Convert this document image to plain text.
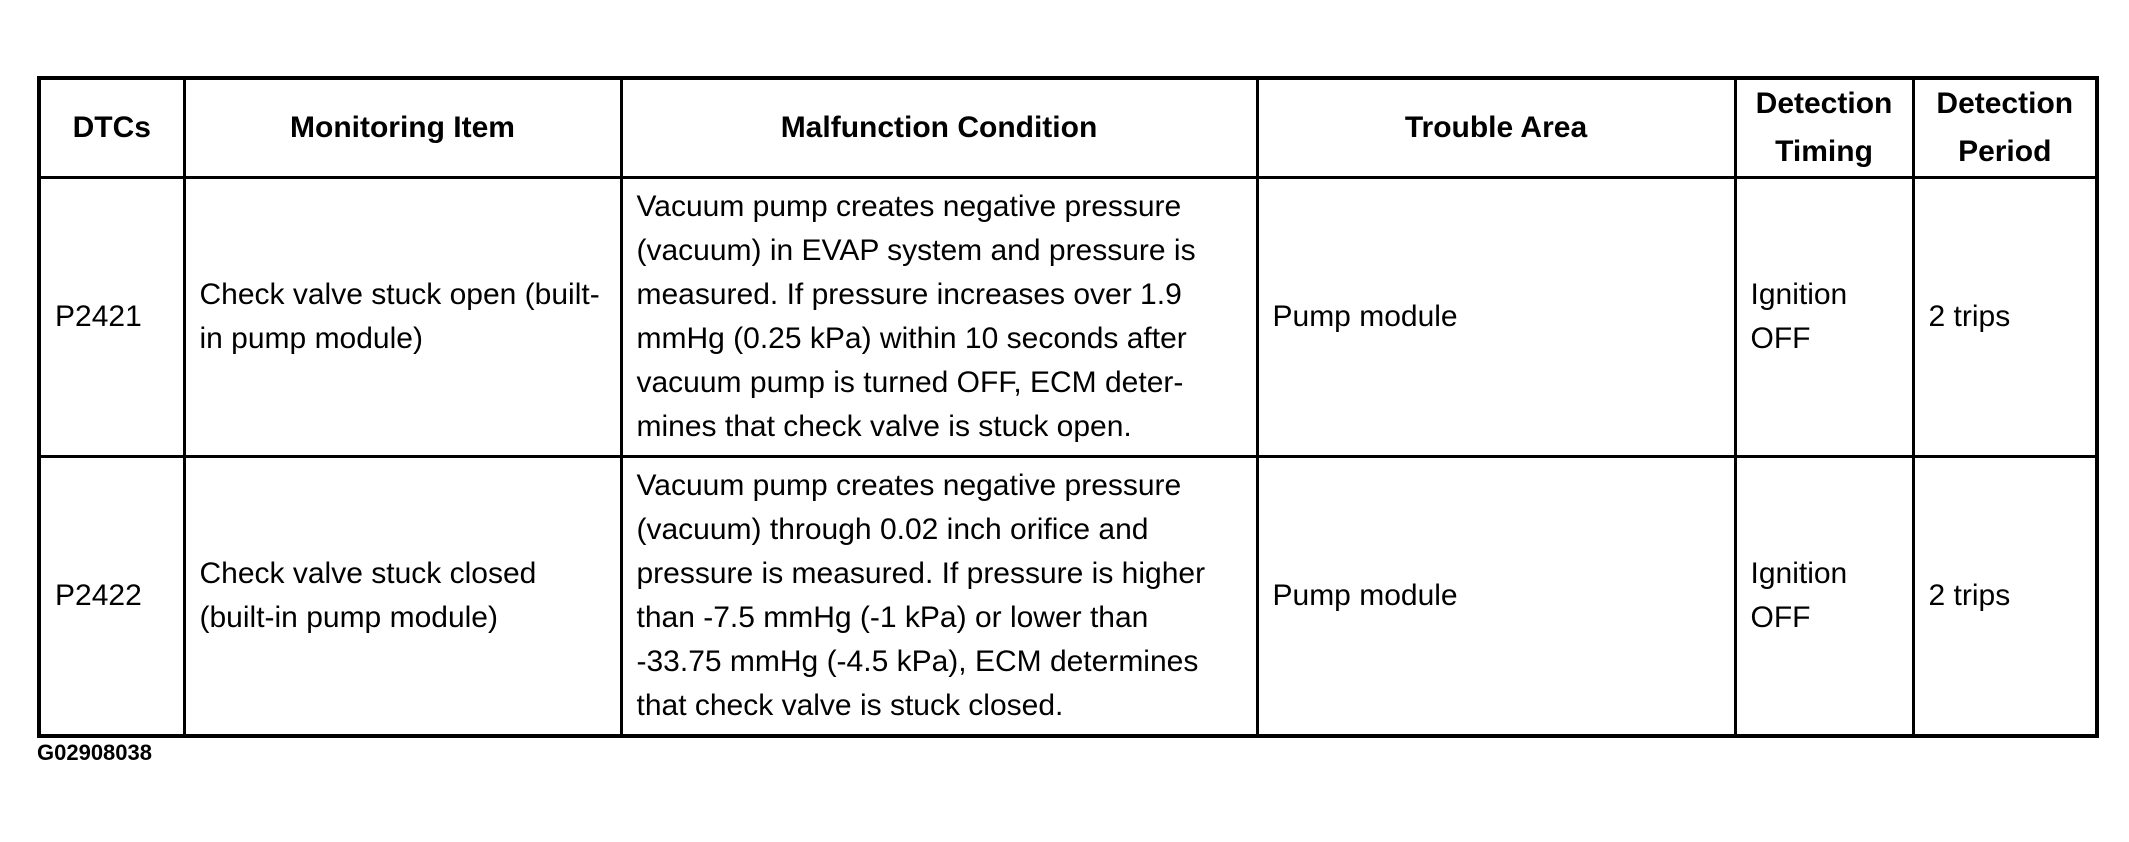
DTCs	Monitoring Item	Malfunction Condition	Trouble Area	Detection Timing	Detection Period
P2421	Check valve stuck open (built-in pump module)	Vacuum pump creates negative pressure (vacuum) in EVAP system and pressure is measured. If pressure increases over 1.9 mmHg (0.25 kPa) within 10 seconds after vacuum pump is turned OFF, ECM deter-mines that check valve is stuck open.	Pump module	Ignition OFF	2 trips
P2422	Check valve stuck closed (built-in pump module)	Vacuum pump creates negative pressure (vacuum) through 0.02 inch orifice and pressure is measured. If pressure is higher than -7.5 mmHg (-1 kPa) or lower than -33.75 mmHg (-4.5 kPa), ECM determines that check valve is stuck closed.	Pump module	Ignition OFF	2 trips
G02908038
